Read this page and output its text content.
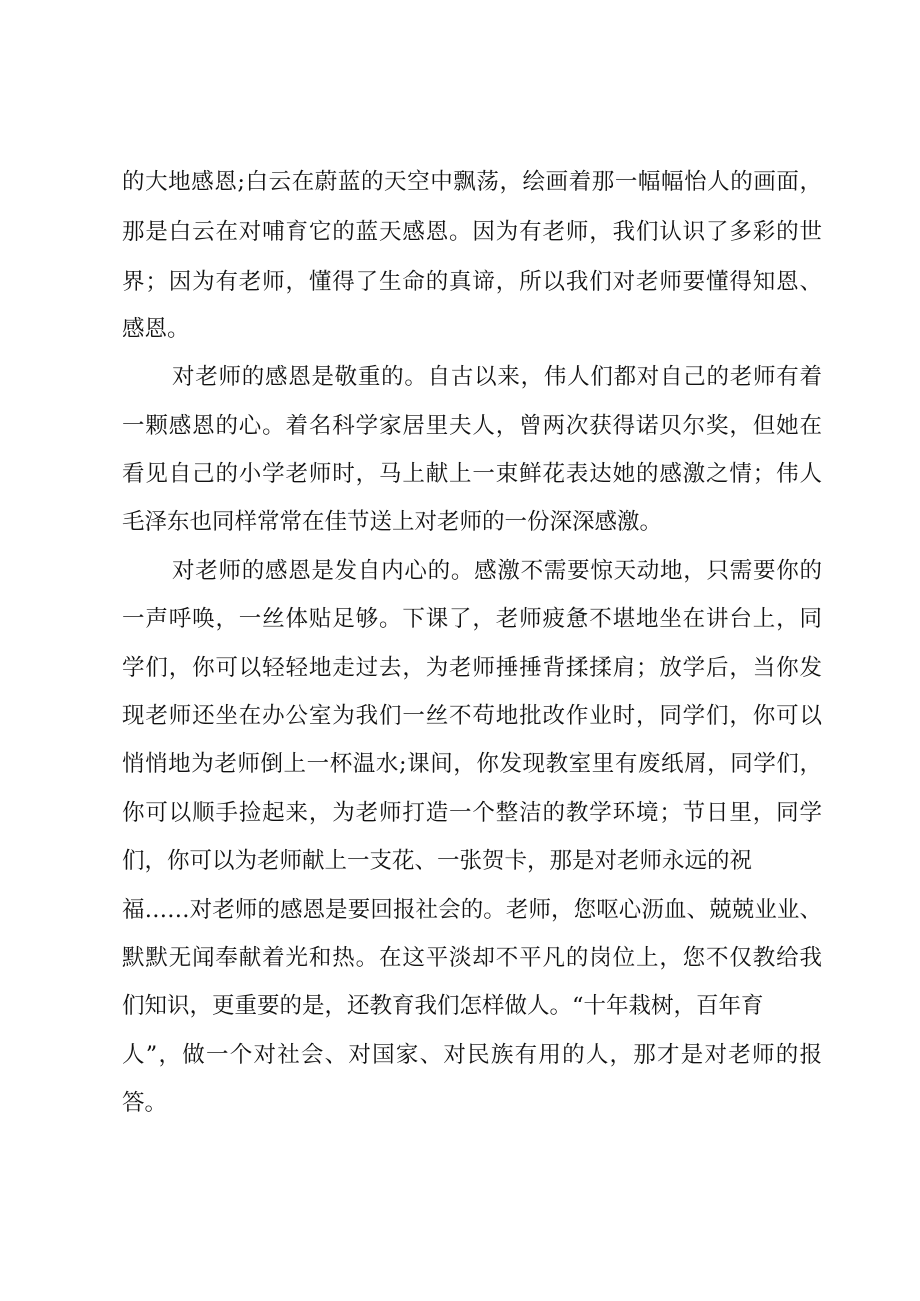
的大地感恩;白云在蔚蓝的天空中飘荡，绘画着那一幅幅怡人的画面，
那是白云在对哺育它的蓝天感恩。因为有老师，我们认识了多彩的世
界；因为有老师，懂得了生命的真谛，所以我们对老师要懂得知恩、
感恩。
对老师的感恩是敬重的。自古以来，伟人们都对自己的老师有着
一颗感恩的心。着名科学家居里夫人，曾两次获得诺贝尔奖，但她在
看见自己的小学老师时，马上献上一束鲜花表达她的感激之情；伟人
毛泽东也同样常常在佳节送上对老师的一份深深感激。
对老师的感恩是发自内心的。感激不需要惊天动地，只需要你的
一声呼唤，一丝体贴足够。下课了，老师疲惫不堪地坐在讲台上，同
学们，你可以轻轻地走过去，为老师捶捶背揉揉肩；放学后，当你发
现老师还坐在办公室为我们一丝不苟地批改作业时，同学们，你可以
悄悄地为老师倒上一杯温水;课间，你发现教室里有废纸屑，同学们，
你可以顺手捡起来，为老师打造一个整洁的教学环境；节日里，同学
们，你可以为老师献上一支花、一张贺卡，那是对老师永远的祝
福……对老师的感恩是要回报社会的。老师，您呕心沥血、兢兢业业、
默默无闻奉献着光和热。在这平淡却不平凡的岗位上，您不仅教给我
们知识，更重要的是，还教育我们怎样做人。“十年栽树，百年育
人”，做一个对社会、对国家、对民族有用的人，那才是对老师的报
答。
